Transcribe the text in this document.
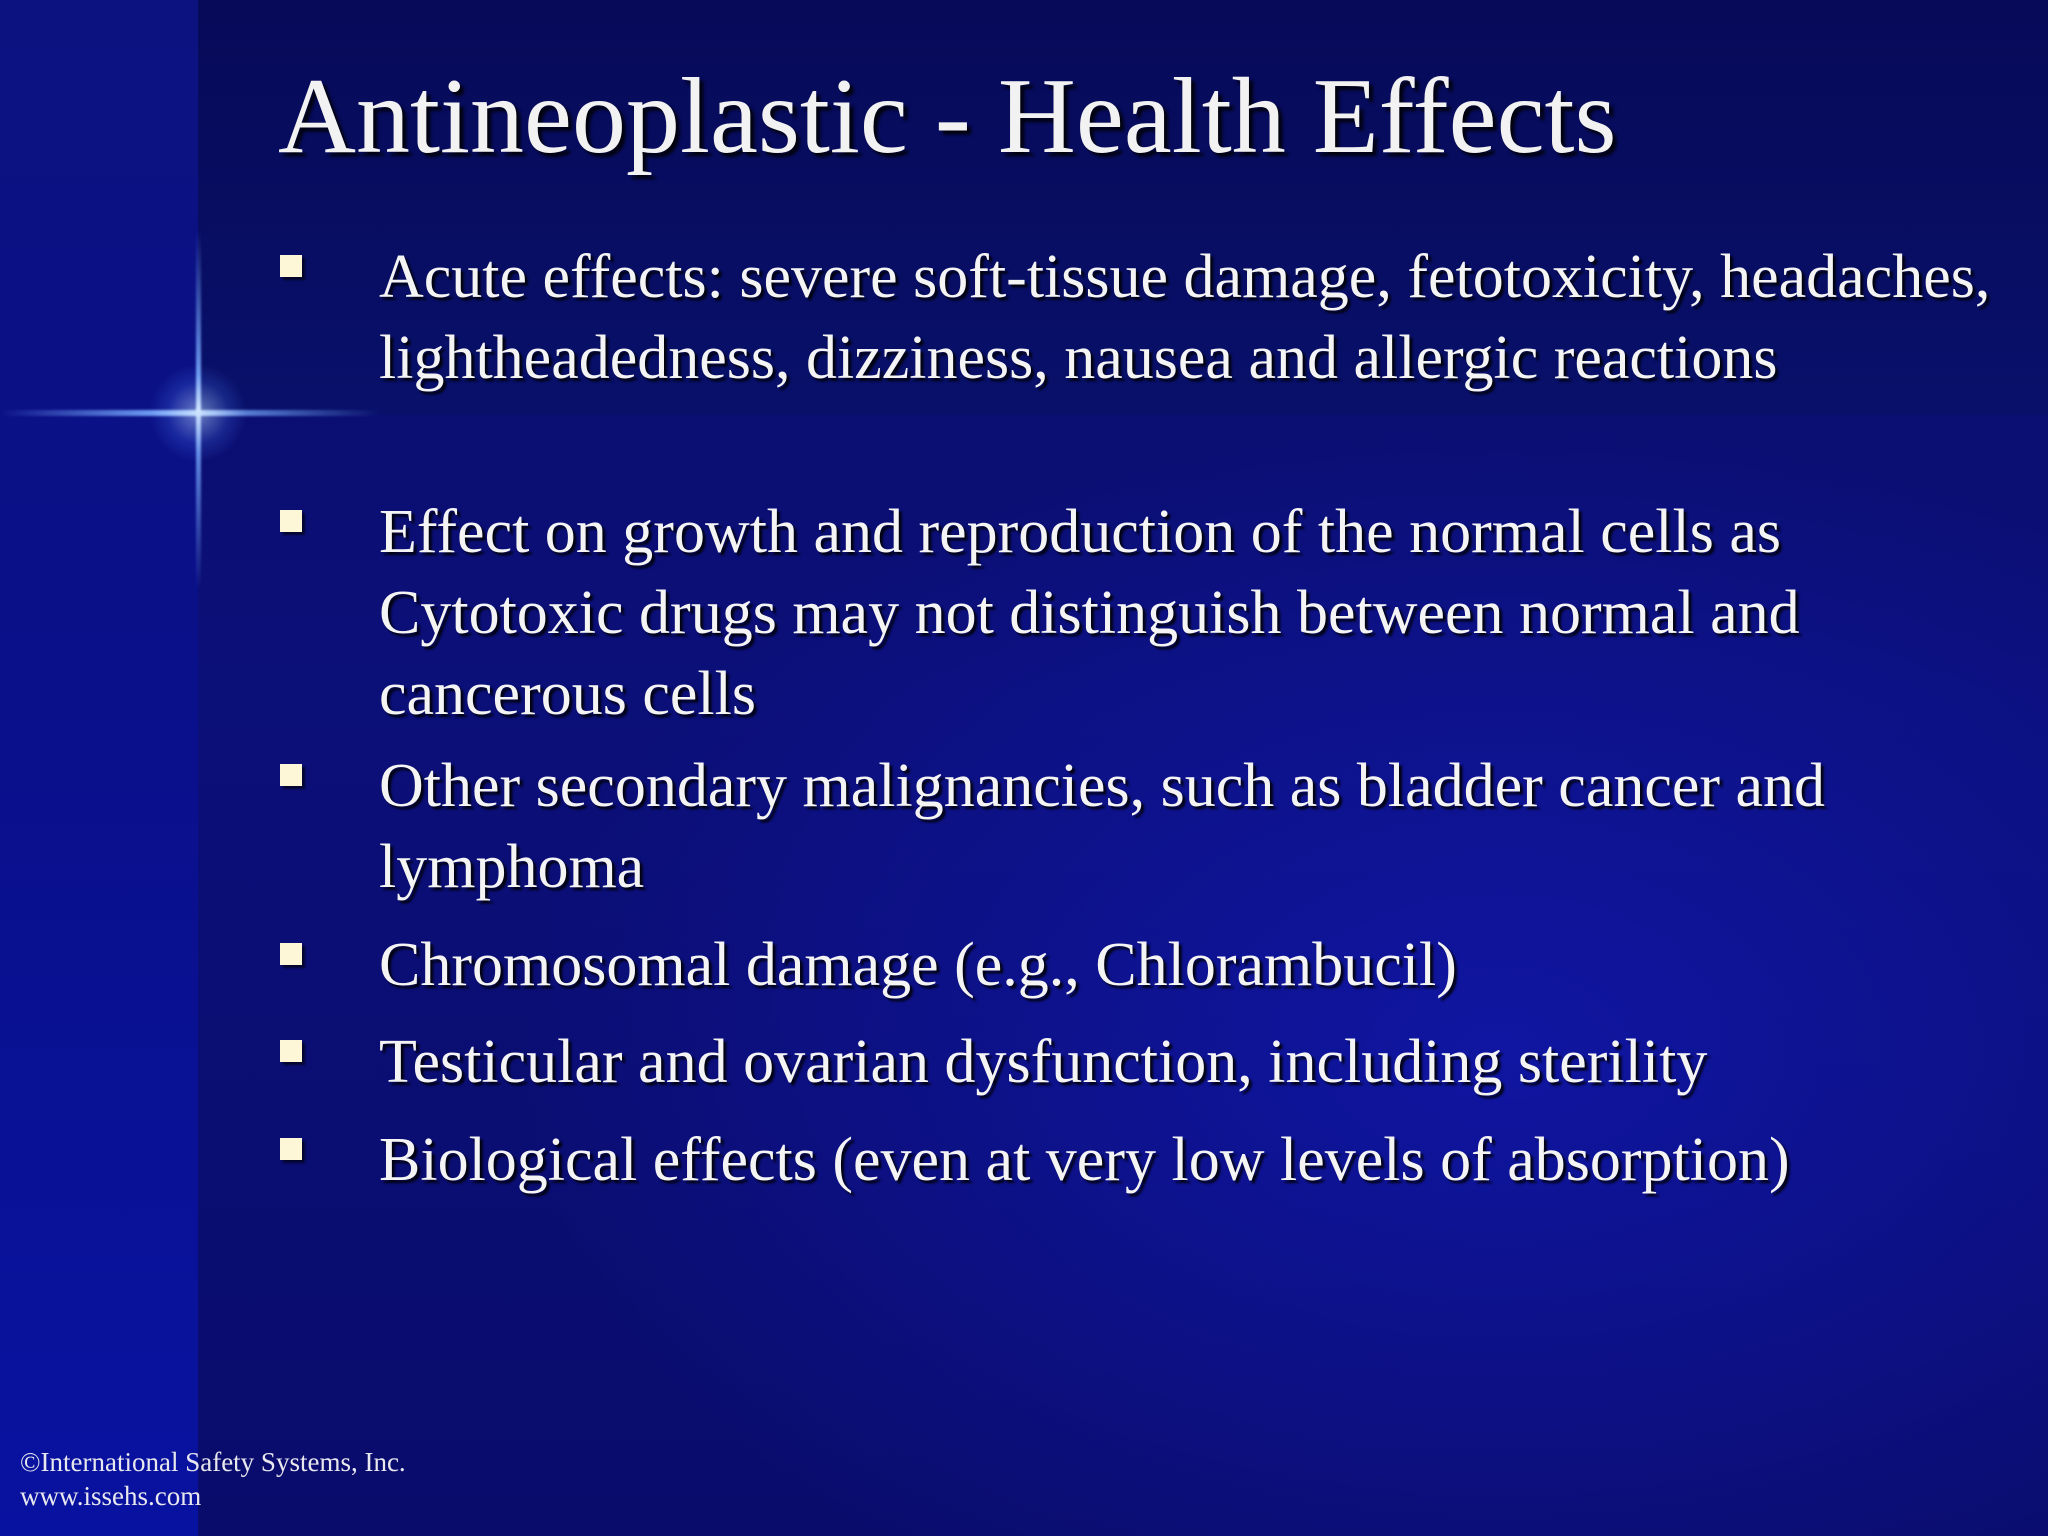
Antineoplastic - Health Effects
Acute effects: severe soft-tissue damage, fetotoxicity, headaches, lightheadedness, dizziness, nausea and allergic reactions
Effect on growth and reproduction of the normal cells as Cytotoxic drugs may not distinguish between normal and cancerous cells
Other secondary malignancies, such as bladder cancer and lymphoma
Chromosomal damage (e.g., Chlorambucil)
Testicular and ovarian dysfunction, including sterility
Biological effects (even at very low levels of absorption)
©International Safety Systems, Inc.
www.issehs.com
